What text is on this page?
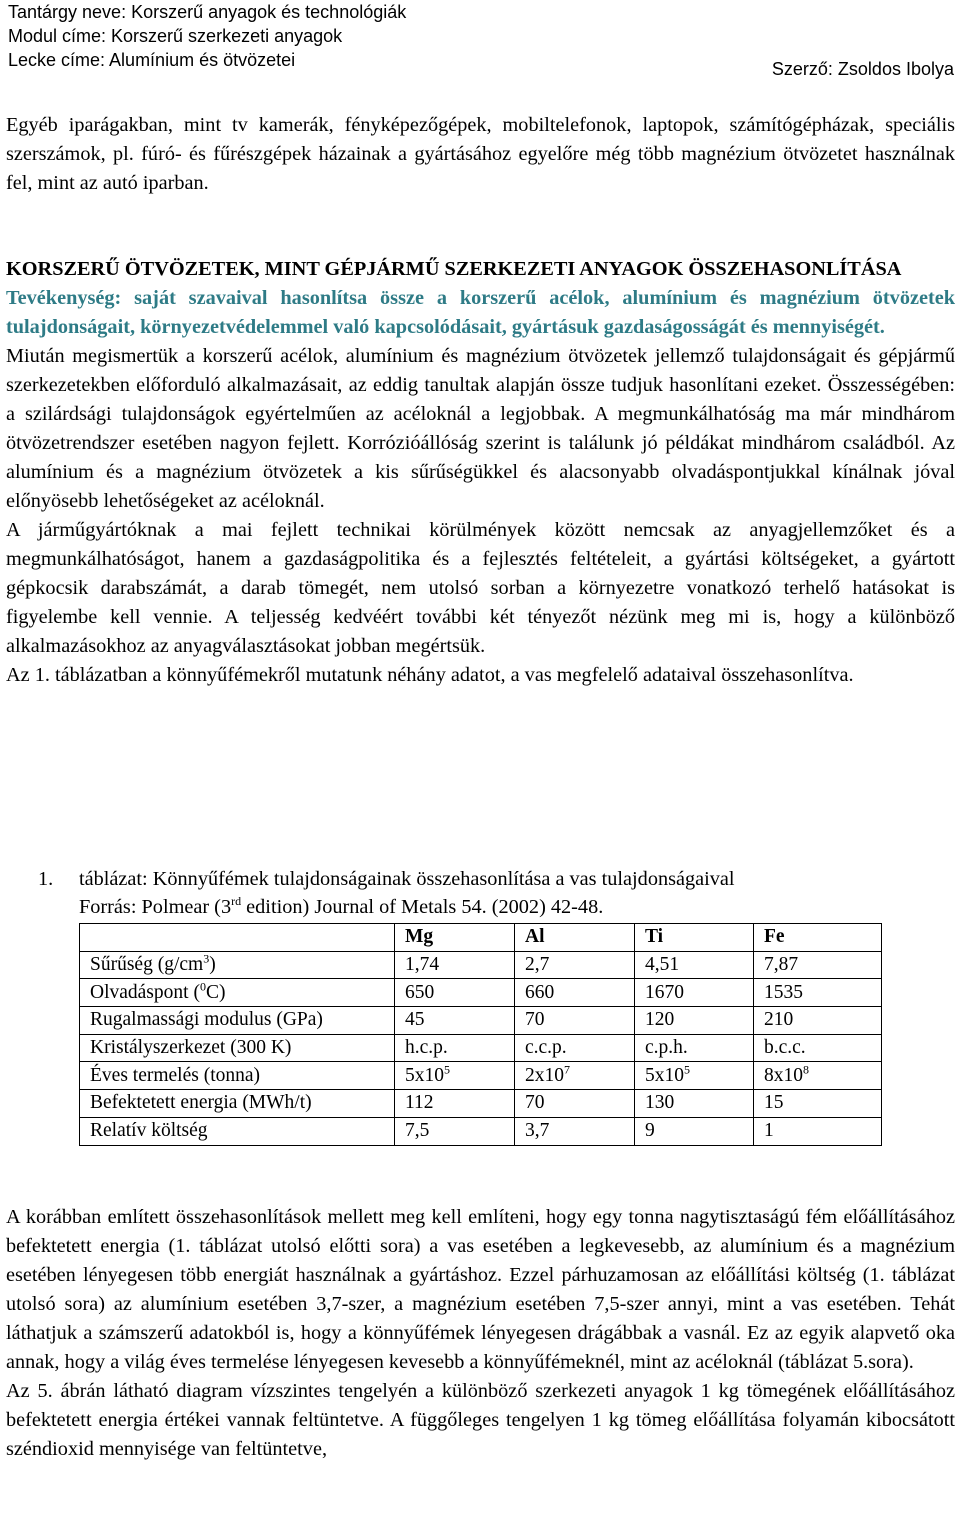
Tantárgy neve: Korszerű anyagok és technológiák
Modul címe: Korszerű szerkezeti anyagok
Lecke címe: Alumínium és ötvözetei	Szerző: Zsoldos Ibolya

Egyéb iparágakban, mint tv kamerák, fényképezőgépek, mobiltelefonok, laptopok, számítógépházak, speciális szerszámok, pl. fúró- és fűrészgépek házainak a gyártásához egyelőre még több magnézium ötvözetet használnak fel, mint az autó iparban.

KORSZERŰ ÖTVÖZETEK, MINT GÉPJÁRMŰ SZERKEZETI ANYAGOK ÖSSZEHASONLÍTÁSA

Tevékenység: saját szavaival hasonlítsa össze a korszerű acélok, alumínium és magnézium ötvözetek tulajdonságait, környezetvédelemmel való kapcsolódásait, gyártásuk gazdaságosságát és mennyiségét.

Miután megismertük a korszerű acélok, alumínium és magnézium ötvözetek jellemző tulajdonságait és gépjármű szerkezetekben előforduló alkalmazásait, az eddig tanultak alapján össze tudjuk hasonlítani ezeket. Összességében: a szilárdsági tulajdonságok egyértelműen az acéloknál a legjobbak. A megmunkálhatóság ma már mindhárom ötvözetrendszer esetében nagyon fejlett. Korrózióállóság szerint is találunk jó példákat mindhárom családból. Az alumínium és a magnézium ötvözetek a kis sűrűségükkel és alacsonyabb olvadáspontjukkal kínálnak jóval előnyösebb lehetőségeket az acéloknál.

A járműgyártóknak a mai fejlett technikai körülmények között nemcsak az anyagjellemzőket és a megmunkálhatóságot, hanem a gazdaságpolitika és a fejlesztés feltételeit, a gyártási költségeket, a gyártott gépkocsik darabszámát, a darab tömegét, nem utolsó sorban a környezetre vonatkozó terhelő hatásokat is figyelembe kell vennie. A teljesség kedvéért további két tényezőt nézünk meg mi is, hogy a különböző alkalmazásokhoz az anyagválasztásokat jobban megértsük.

Az 1. táblázatban a könnyűfémekről mutatunk néhány adatot, a vas megfelelő adataival összehasonlítva.

1. táblázat: Könnyűfémek tulajdonságainak összehasonlítása a vas tulajdonságaival
Forrás: Polmear (3rd edition) Journal of Metals 54. (2002) 42-48.
	Mg	Al	Ti	Fe
Sűrűség $(g/cm^3)$	1,74	2,7	4,51	7,87
Olvadáspont ($^0$C)	650	660	1670	1535
Rugalmassági modulus (GPa)	45	70	120	210
Kristályszerkezet (300 K)	h.c.p.	c.c.p.	c.p.h.	b.c.c.
Éves termelés (tonna)	$5x10^5$	$2x10^7$	$5x10^5$	$8x10^8$
Befektetett energia (MWh/t)	112	70	130	15
Relatív költség	7,5	3,7	9	1

A korábban említett összehasonlítások mellett meg kell említeni, hogy egy tonna nagytisztaságú fém előállításához befektetett energia (1. táblázat utolsó előtti sora) a vas esetében a legkevesebb, az alumínium és a magnézium esetében lényegesen több energiát használnak a gyártáshoz. Ezzel párhuzamosan az előállítási költség (1. táblázat utolsó sora) az alumínium esetében 3,7-szer, a magnézium esetében 7,5-szer annyi, mint a vas esetében. Tehát láthatjuk a számszerű adatokból is, hogy a könnyűfémek lényegesen drágábbak a vasnál. Ez az egyik alapvető oka annak, hogy a világ éves termelése lényegesen kevesebb a könnyűfémeknél, mint az acéloknál (táblázat 5.sora).

Az 5. ábrán látható diagram vízszintes tengelyén a különböző szerkezeti anyagok 1 kg tömegének előállításához befektetett energia értékei vannak feltüntetve. A függőleges tengelyen 1 kg tömeg előállítása folyamán kibocsátott széndioxid mennyisége van feltüntetve,
